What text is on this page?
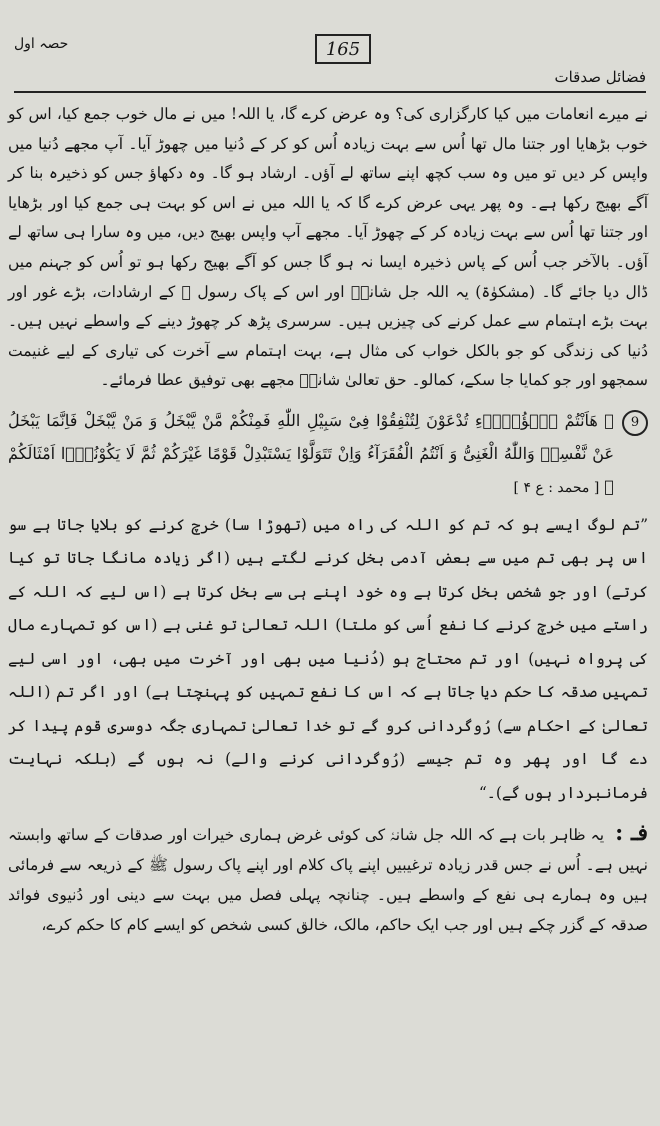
حصہ اول	165
فضائل صدقات

نے میرے انعامات میں کیا کارگزاری کی؟ وہ عرض کرے گا، یا اللہ! میں نے مال خوب جمع کیا، اس کو خوب بڑھایا اور جتنا مال تھا اُس سے بہت زیادہ اُس کو کر کے دُنیا میں چھوڑ آیا۔ آپ مجھے دُنیا میں واپس کر دیں تو میں وہ سب کچھ اپنے ساتھ لے آؤں۔ ارشاد ہو گا۔ وہ دکھاؤ جس کو ذخیرہ بنا کر آگے بھیج رکھا ہے۔ وہ پھر یہی عرض کرے گا کہ یا اللہ میں نے اس کو بہت ہی جمع کیا اور بڑھایا اور جتنا تھا اُس سے بہت زیادہ کر کے چھوڑ آیا۔ مجھے آپ واپس بھیج دیں، میں وہ سارا ہی ساتھ لے آؤں۔ بالآخر جب اُس کے پاس ذخیرہ ایسا نہ ہو گا جس کو آگے بھیج رکھا ہو تو اُس کو جہنم میں ڈال دیا جائے گا۔ (مشکوٰۃ) یہ اللہ جل شانہٗ اور اس کے پاک رسول ﷺ کے ارشادات، بڑے غور اور بہت بڑے اہتمام سے عمل کرنے کی چیزیں ہیں۔ سرسری پڑھ کر چھوڑ دینے کے واسطے نہیں ہیں۔ دُنیا کی زندگی کو جو بالکل خواب کی مثال ہے، بہت اہتمام سے آخرت کی تیاری کے لیے غنیمت سمجھو اور جو کمایا جا سکے، کمالو۔ حق تعالیٰ شانہٗ مجھے بھی توفیق عطا فرمائے۔

9
﴿ هَاَنْتُمْ هٰۤؤُلَاۤءِ تُدْعَوْنَ لِتُنْفِقُوْا فِیْ سَبِیْلِ اللّٰهِ فَمِنْكُمْ مَّنْ یَّبْخَلُ وَ مَنْ یَّبْخَلْ فَاِنَّمَا یَبْخَلُ عَنْ نَّفْسِهٖ وَاللّٰهُ الْغَنِیُّ وَ اَنْتُمُ الْفُقَرَآءُ وَاِنْ تَتَوَلَّوْا یَسْتَبْدِلْ قَوْمًا غَیْرَكُمْ ثُمَّ لَا یَكُوْنُوْۤا اَمْثَالَكُمْ ﴾ [ محمد : ع ۴ ]

”تم لوگ ایسے ہو کہ تم کو اللہ کی راہ میں (تھوڑا سا) خرچ کرنے کو بلایا جاتا ہے سو اس پر بھی تم میں سے بعض آدمی بخل کرنے لگتے ہیں (اگر زیادہ مانگا جاتا تو کیا کرتے) اور جو شخص بخل کرتا ہے وہ خود اپنے ہی سے بخل کرتا ہے (اس لیے کہ اللہ کے راستے میں خرچ کرنے کا نفع اُسی کو ملتا) اللہ تعالیٰ تو غنی ہے (اس کو تمہارے مال کی پرواہ نہیں) اور تم محتاج ہو (دُنیا میں بھی اور آخرت میں بھی، اور اسی لیے تمہیں صدقہ کا حکم دیا جاتا ہے کہ اس کا نفع تمہیں کو پہنچتا ہے) اور اگر تم (اللہ تعالیٰ کے احکام سے) رُوگردانی کرو گے تو خدا تعالیٰ تمہاری جگہ دوسری قوم پیدا کر دے گا اور پھر وہ تم جیسے (رُوگردانی کرنے والے) نہ ہوں گے (بلکہ نہایت فرمانبردار ہوں گے)۔“

فـ : یہ ظاہر بات ہے کہ اللہ جل شانہٗ کی کوئی غرض ہماری خیرات اور صدقات کے ساتھ وابستہ نہیں ہے۔ اُس نے جس قدر زیادہ ترغیبیں اپنے پاک کلام اور اپنے پاک رسول ﷺ کے ذریعہ سے فرمائی ہیں وہ ہمارے ہی نفع کے واسطے ہیں۔ چنانچہ پہلی فصل میں بہت سے دینی اور دُنیوی فوائد صدقہ کے گزر چکے ہیں اور جب ایک حاکم، مالک، خالق کسی شخص کو ایسے کام کا حکم کرے،
